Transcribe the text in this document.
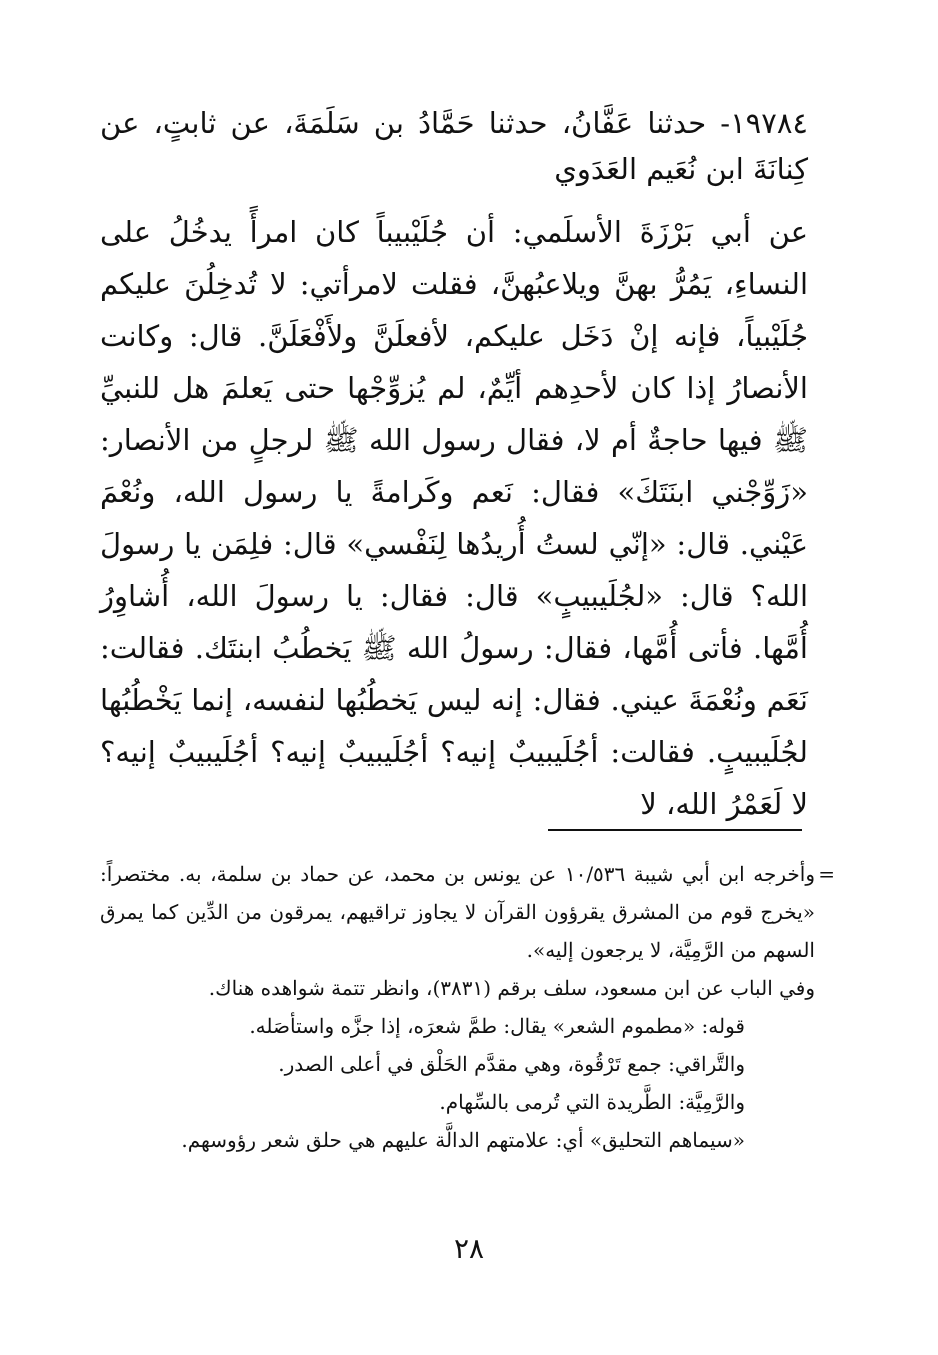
١٩٧٨٤- حدثنا عَفَّانُ، حدثنا حَمَّادُ بن سَلَمَةَ، عن ثابتٍ، عن كِنانَةَ ابن نُعَيم العَدَوي

عن أبي بَرْزَةَ الأسلَمي: أن جُلَيْبيباً كان امرأً يدخُلُ على النساءِ، يَمُرُّ بهنَّ ويلاعبُهنَّ، فقلت لامرأتي: لا تُدخِلُنَ عليكم جُلَيْبياً، فإنه إنْ دَخَل عليكم، لأفعلَنَّ ولأَفْعَلَنَّ. قال: وكانت الأنصارُ إذا كان لأحدِهم أيِّمٌ، لم يُزوِّجْها حتى يَعلمَ هل للنبيِّ ﷺ فيها حاجةٌ أم لا، فقال رسول الله ﷺ لرجلٍ من الأنصار: «زَوِّجْني ابنَتَكَ» فقال: نَعم وكَرامةً يا رسول الله، ونُعْمَ عَيْني. قال: «إنّي لستُ أُريدُها لِنَفْسي» قال: فلِمَن يا رسولَ الله؟ قال: «لجُلَيبيبٍ» قال: فقال: يا رسولَ الله، أُشاوِرُ أُمَّها. فأتى أُمَّها، فقال: رسولُ الله ﷺ يَخطُبُ ابنتَك. فقالت: نَعَم ونُعْمَةَ عيني. فقال: إنه ليس يَخطُبُها لنفسه، إنما يَخْطُبُها لجُلَيبيبٍ. فقالت: أجُلَيبيبٌ إنيه؟ أجُلَيبيبٌ إنيه؟ أجُلَيبيبٌ إنيه؟ لا لَعَمْرُ الله، لا

=
وأخرجه ابن أبي شيبة ١٠/٥٣٦ عن يونس بن محمد، عن حماد بن سلمة، به. مختصراً: «يخرج قوم من المشرق يقرؤون القرآن لا يجاوز تراقيهم، يمرقون من الدِّين كما يمرق السهم من الرَّمِيَّة، لا يرجعون إليه».

وفي الباب عن ابن مسعود، سلف برقم (٣٨٣١)، وانظر تتمة شواهده هناك.

قوله: «مطموم الشعر» يقال: طمَّ شعرَه، إذا جزَّه واستأصَله.

والتَّراقي: جمع تَرْقُوة، وهي مقدَّم الحَلْق في أعلى الصدر.

والرَّمِيَّة: الطَّريدة التي تُرمى بالسِّهام.

«سيماهم التحليق» أي: علامتهم الدالَّة عليهم هي حلق شعر رؤوسهم.

٢٨
